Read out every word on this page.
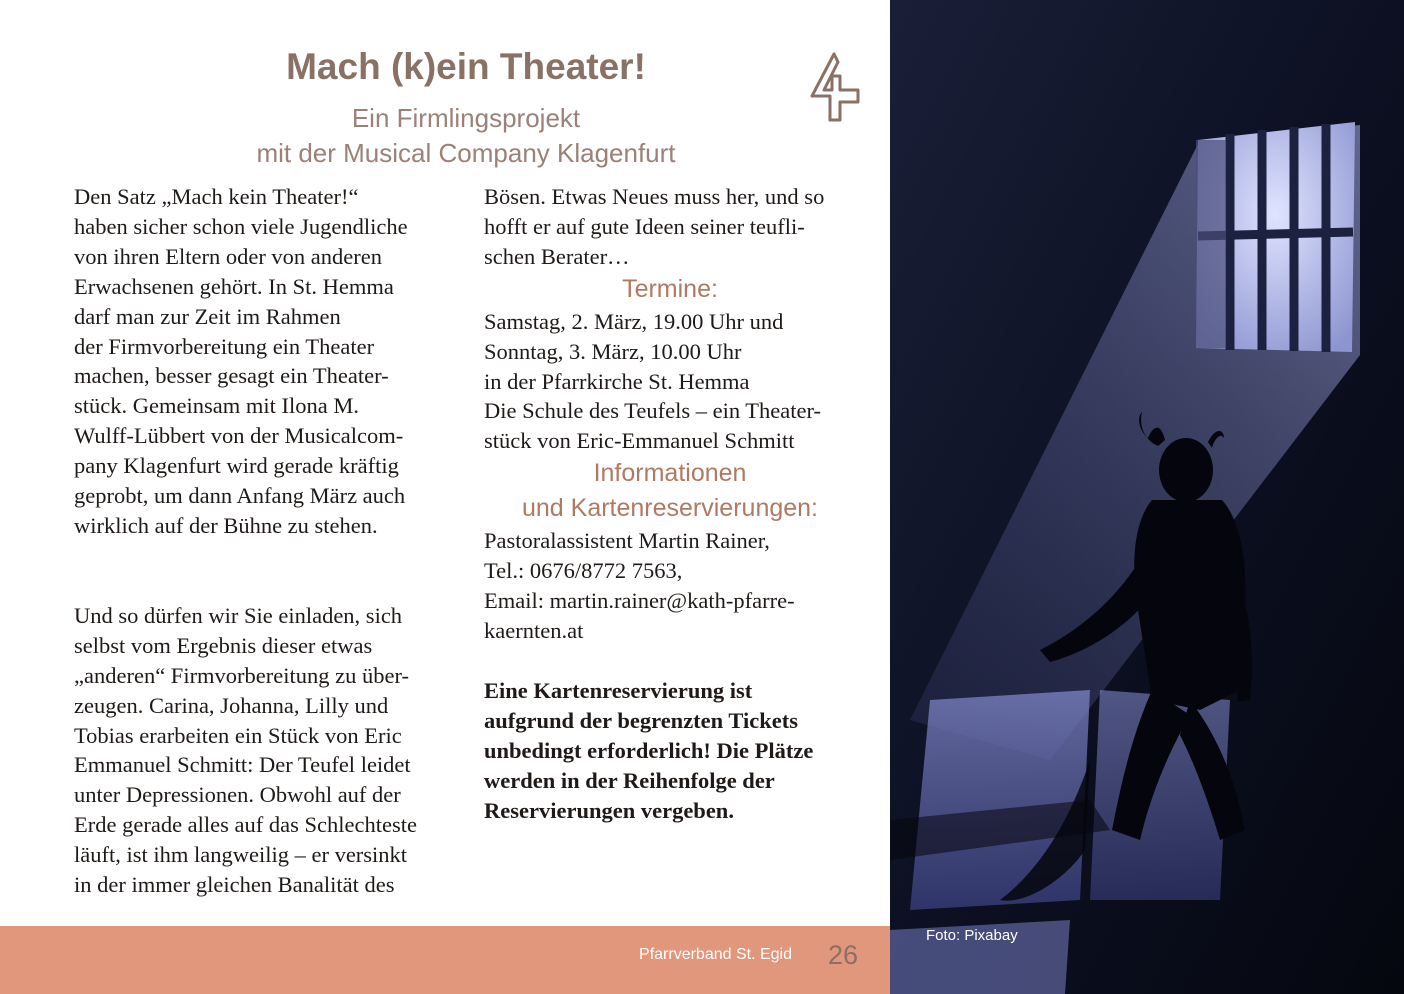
Mach (k)ein Theater!
Ein Firmlingsprojekt
mit der Musical Company Klagenfurt

Den Satz „Mach kein Theater!“

haben sicher schon viele Jugendliche

von ihren Eltern oder von anderen

Erwachsenen gehört. In St. Hemma

darf man zur Zeit im Rahmen

der Firmvorbereitung ein Theater

machen, besser gesagt ein Theater-

stück. Gemeinsam mit Ilona M.

Wulff-Lübbert von der Musicalcom-

pany Klagenfurt wird gerade kräftig

geprobt, um dann Anfang März auch

wirklich auf der Bühne zu stehen.

Und so dürfen wir Sie einladen, sich

selbst vom Ergebnis dieser etwas

„anderen“ Firmvorbereitung zu über-

zeugen. Carina, Johanna, Lilly und

Tobias erarbeiten ein Stück von Eric

Emmanuel Schmitt: Der Teufel leidet

unter Depressionen. Obwohl auf der

Erde gerade alles auf das Schlechteste

läuft, ist ihm langweilig – er versinkt

in der immer gleichen Banalität des

Bösen. Etwas Neues muss her, und so

hofft er auf gute Ideen seiner teufli-

schen Berater…

Termine:

Samstag, 2. März, 19.00 Uhr und

Sonntag, 3. März, 10.00 Uhr

in der Pfarrkirche St. Hemma

Die Schule des Teufels – ein Theater-

stück von Eric-Emmanuel Schmitt

Informationen

und Kartenreservierungen:

Pastoralassistent Martin Rainer,

Tel.: 0676/8772 7563,

Email: martin.rainer@kath-pfarre-

kaernten.at

Eine Kartenreservierung ist

aufgrund der begrenzten Tickets

unbedingt erforderlich! Die Plätze

werden in der Reihenfolge der

Reservierungen vergeben.

Pfarrverband St. Egid 26
Foto: Pixabay
